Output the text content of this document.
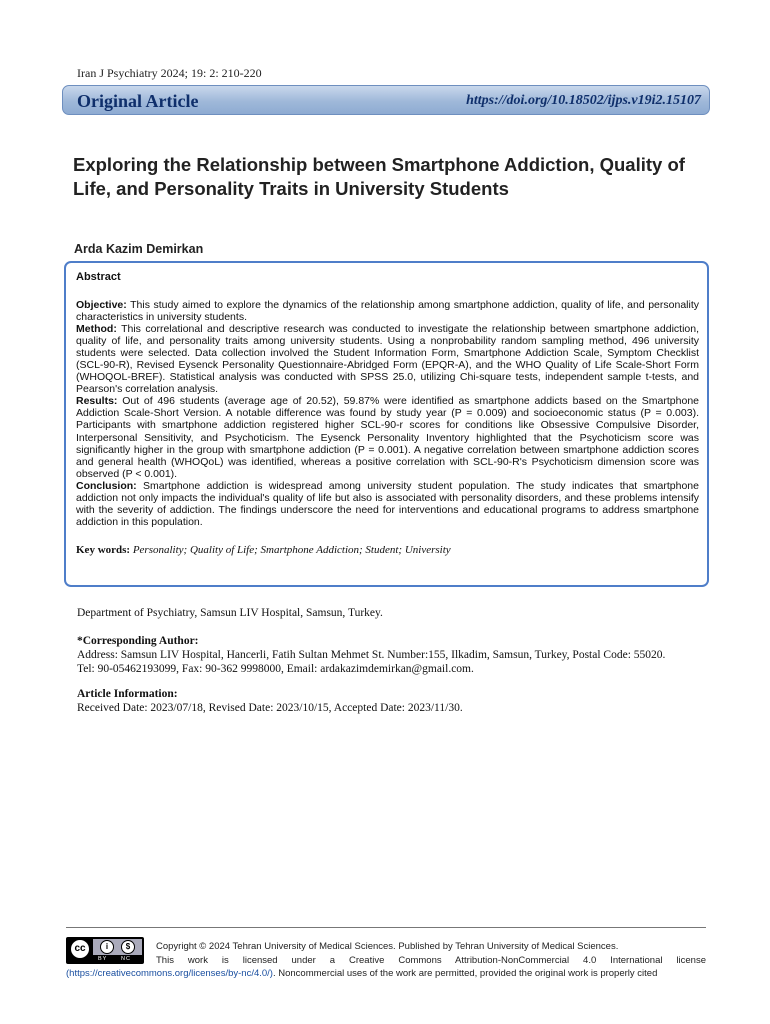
Iran J Psychiatry 2024; 19: 2: 210-220
Original Article	https://doi.org/10.18502/ijps.v19i2.15107
Exploring the Relationship between Smartphone Addiction, Quality of Life, and Personality Traits in University Students
Arda Kazim Demirkan
Abstract
Objective: This study aimed to explore the dynamics of the relationship among smartphone addiction, quality of life, and personality characteristics in university students.
Method: This correlational and descriptive research was conducted to investigate the relationship between smartphone addiction, quality of life, and personality traits among university students. Using a nonprobability random sampling method, 496 university students were selected. Data collection involved the Student Information Form, Smartphone Addiction Scale, Symptom Checklist (SCL-90-R), Revised Eysenck Personality Questionnaire-Abridged Form (EPQR-A), and the WHO Quality of Life Scale-Short Form (WHOQOL-BREF). Statistical analysis was conducted with SPSS 25.0, utilizing Chi-square tests, independent sample t-tests, and Pearson's correlation analysis.
Results: Out of 496 students (average age of 20.52), 59.87% were identified as smartphone addicts based on the Smartphone Addiction Scale-Short Version. A notable difference was found by study year (P = 0.009) and socioeconomic status (P = 0.003). Participants with smartphone addiction registered higher SCL-90-r scores for conditions like Obsessive Compulsive Disorder, Interpersonal Sensitivity, and Psychoticism. The Eysenck Personality Inventory highlighted that the Psychoticism score was significantly higher in the group with smartphone addiction (P = 0.001). A negative correlation between smartphone addiction scores and general health (WHOQoL) was identified, whereas a positive correlation with SCL-90-R's Psychoticism dimension score was observed (P < 0.001).
Conclusion: Smartphone addiction is widespread among university student population. The study indicates that smartphone addiction not only impacts the individual's quality of life but also is associated with personality disorders, and these problems intensify with the severity of addiction. The findings underscore the need for interventions and educational programs to address smartphone addiction in this population.
Key words: Personality; Quality of Life; Smartphone Addiction; Student; University
Department of Psychiatry, Samsun LIV Hospital, Samsun, Turkey.
*Corresponding Author:
Address: Samsun LIV Hospital, Hancerli, Fatih Sultan Mehmet St. Number:155, Ilkadim, Samsun, Turkey, Postal Code: 55020.
Tel: 90-05462193099, Fax: 90-362 9998000, Email: ardakazimdemirkan@gmail.com.
Article Information:
Received Date: 2023/07/18, Revised Date: 2023/10/15, Accepted Date: 2023/11/30.
cc	i	$
BY NC
Copyright © 2024 Tehran University of Medical Sciences. Published by Tehran University of Medical Sciences.
This work is licensed under a Creative Commons Attribution-NonCommercial 4.0 International license
(https://creativecommons.org/licenses/by-nc/4.0/). Noncommercial uses of the work are permitted, provided the original work is properly cited
